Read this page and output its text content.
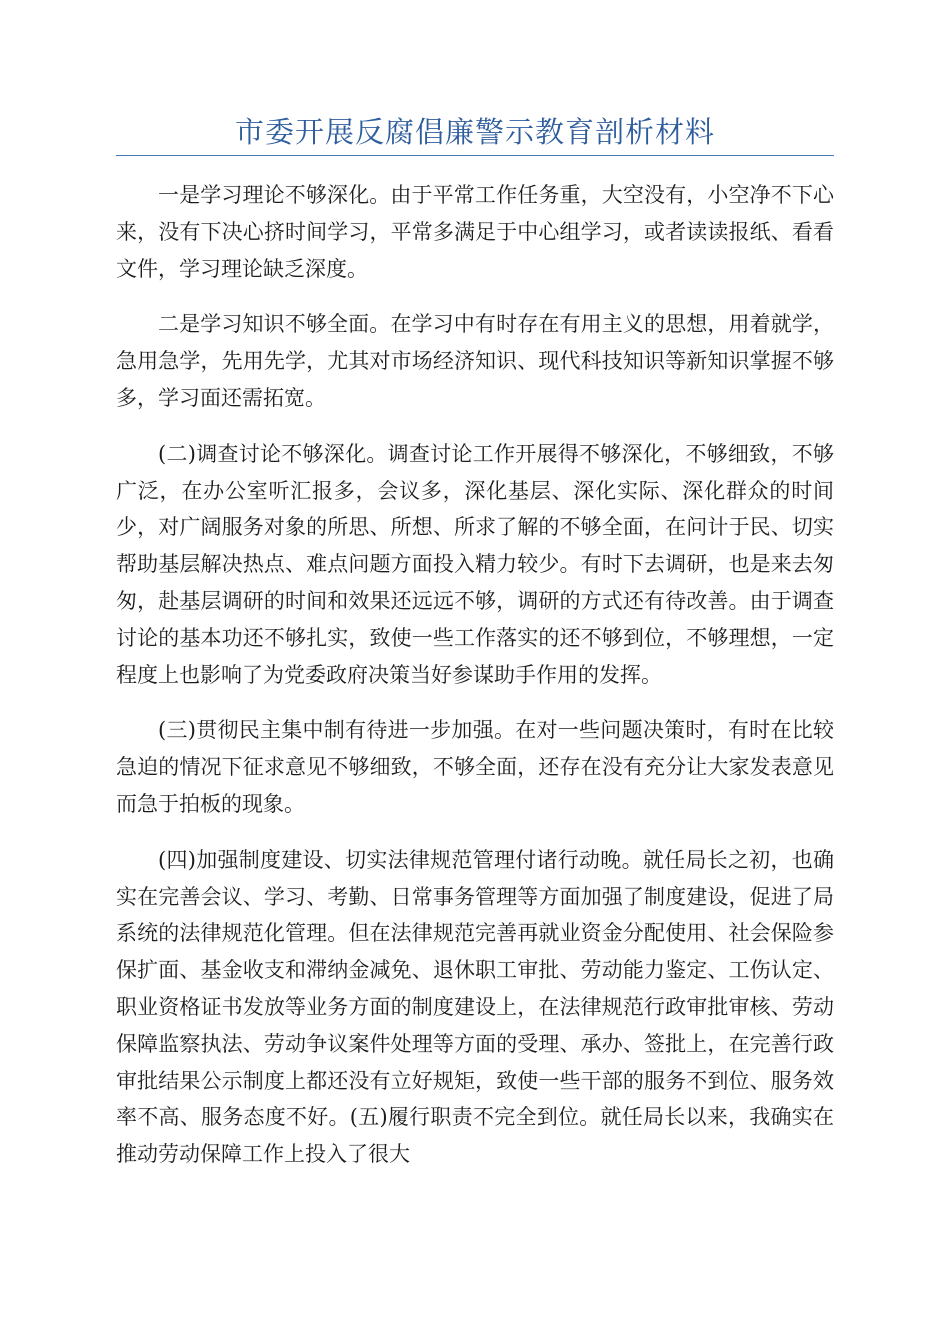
市委开展反腐倡廉警示教育剖析材料

一是学习理论不够深化。由于平常工作任务重，大空没有，小空净不下心来，没有下决心挤时间学习，平常多满足于中心组学习，或者读读报纸、看看文件，学习理论缺乏深度。

二是学习知识不够全面。在学习中有时存在有用主义的思想，用着就学，急用急学，先用先学，尤其对市场经济知识、现代科技知识等新知识掌握不够多，学习面还需拓宽。

(二)调查讨论不够深化。调查讨论工作开展得不够深化，不够细致，不够广泛，在办公室听汇报多，会议多，深化基层、深化实际、深化群众的时间少，对广阔服务对象的所思、所想、所求了解的不够全面，在问计于民、切实帮助基层解决热点、难点问题方面投入精力较少。有时下去调研，也是来去匆匆，赴基层调研的时间和效果还远远不够，调研的方式还有待改善。由于调查讨论的基本功还不够扎实，致使一些工作落实的还不够到位，不够理想，一定程度上也影响了为党委政府决策当好参谋助手作用的发挥。

(三)贯彻民主集中制有待进一步加强。在对一些问题决策时，有时在比较急迫的情况下征求意见不够细致，不够全面，还存在没有充分让大家发表意见而急于拍板的现象。

(四)加强制度建设、切实法律规范管理付诸行动晚。就任局长之初，也确实在完善会议、学习、考勤、日常事务管理等方面加强了制度建设，促进了局系统的法律规范化管理。但在法律规范完善再就业资金分配使用、社会保险参保扩面、基金收支和滞纳金减免、退休职工审批、劳动能力鉴定、工伤认定、职业资格证书发放等业务方面的制度建设上，在法律规范行政审批审核、劳动保障监察执法、劳动争议案件处理等方面的受理、承办、签批上，在完善行政审批结果公示制度上都还没有立好规矩，致使一些干部的服务不到位、服务效率不高、服务态度不好。(五)履行职责不完全到位。就任局长以来，我确实在推动劳动保障工作上投入了很大
